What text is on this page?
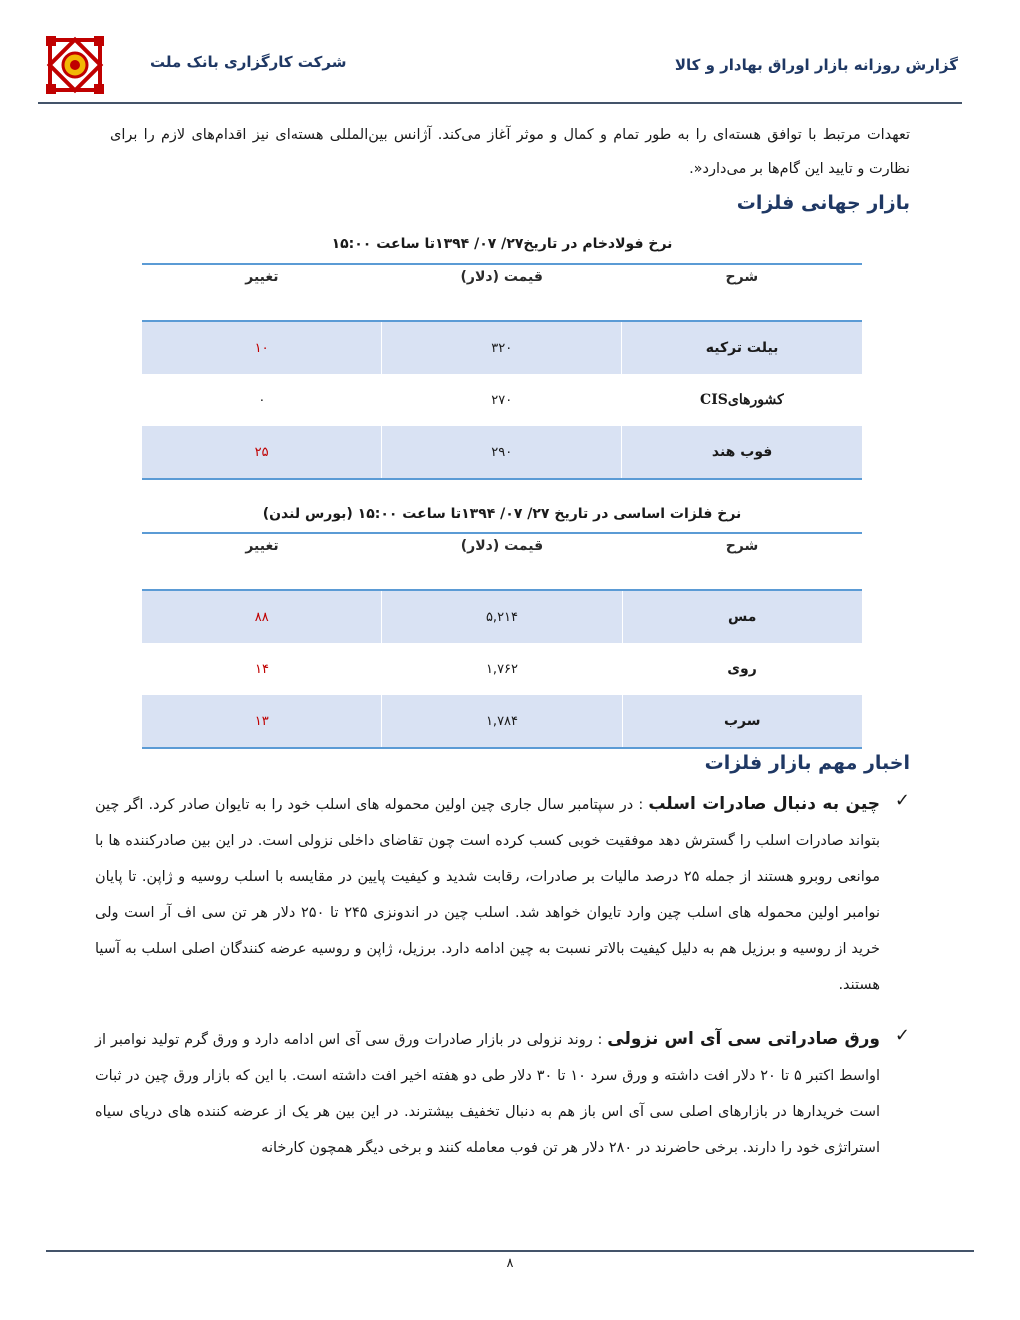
گزارش روزانه بازار اوراق بهادار و کالا
شرکت کارگزاری بانک ملت
تعهدات مرتبط با توافق هسته‌ای را به طور تمام و کمال و موثر آغاز می‌کند. آژانس بین‌المللی هسته‌ای نیز اقدام‌های لازم را برای نظارت و تایید این گام‌ها بر می‌دارد«.
بازار جهانی فلزات
نرخ فولادخام در تاریخ۲۷/ ۰۷/ ۱۳۹۴تا ساعت ۱۵:۰۰
شرح	قیمت (دلار)	تغییر
بیلت ترکیه	۳۲۰	۱۰
کشورهایCIS	۲۷۰	۰
فوب هند	۲۹۰	۲۵
نرخ فلزات اساسی در تاریخ ۲۷/ ۰۷/ ۱۳۹۴تا ساعت ۱۵:۰۰ (بورس لندن)
شرح	قیمت (دلار)	تغییر
مس	۵,۲۱۴	۸۸
روی	۱,۷۶۲	۱۴
سرب	۱,۷۸۴	۱۳
اخبار مهم بازار فلزات
✓
چین به دنبال صادرات اسلب : در سپتامبر سال جاری چین اولین محموله های اسلب خود را به تایوان صادر کرد. اگر چین بتواند صادرات اسلب را گسترش دهد موفقیت خوبی کسب کرده است چون تقاضای داخلی نزولی است. در این بین صادرکننده ها با موانعی روبرو هستند از جمله ۲۵ درصد مالیات بر صادرات، رقابت شدید و کیفیت پایین در مقایسه با اسلب روسیه و ژاپن. تا پایان نوامبر اولین محموله های اسلب چین وارد تایوان خواهد شد. اسلب چین در اندونزی ۲۴۵ تا ۲۵۰ دلار هر تن سی اف آر است ولی خرید از روسیه و برزیل هم به دلیل کیفیت بالاتر نسبت به چین ادامه دارد. برزیل، ژاپن و روسیه عرضه کنندگان اصلی اسلب به آسیا هستند.
✓
ورق صادراتی سی آی اس نزولی : روند نزولی در بازار صادرات ورق سی آی اس ادامه دارد و ورق گرم تولید نوامبر از اواسط اکتبر ۵ تا ۲۰ دلار افت داشته و ورق سرد ۱۰ تا ۳۰ دلار طی دو هفته اخیر افت داشته است. با این که بازار ورق چین در ثبات است خریدارها در بازارهای اصلی سی آی اس باز هم به دنبال تخفیف بیشترند. در این بین هر یک از عرضه کننده های دریای سیاه استراتژی خود را دارند. برخی حاضرند در ۲۸۰ دلار هر تن فوب معامله کنند و برخی دیگر همچون کارخانه
۸
